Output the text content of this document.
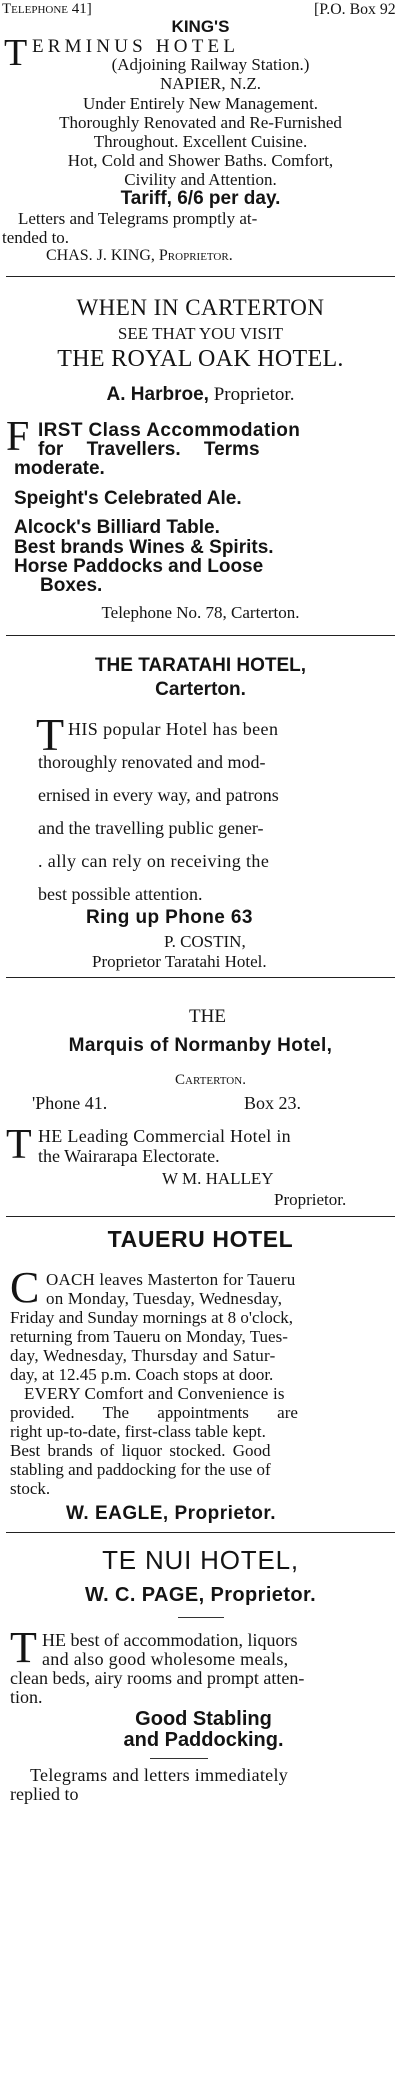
Telephone 41]	[P.O. Box 92
KING'S
T ERMINUS HOTEL
(Adjoining Railway Station.)
NAPIER, N.Z.
Under Entirely New Management.
Thoroughly Renovated and Re-Furnished
Throughout. Excellent Cuisine.
Hot, Cold and Shower Baths. Comfort,
Civility and Attention.
Tariff, 6/6 per day.
Letters and Telegrams promptly at-
tended to.
CHAS. J. KING, Proprietor.
WHEN IN CARTERTON
SEE THAT YOU VISIT
THE ROYAL OAK HOTEL.
A. Harbroe, Proprietor.
F IRST Class Accommodation
for Travellers. Terms
moderate.
Speight's Celebrated Ale.
Alcock's Billiard Table.
Best brands Wines & Spirits.
Horse Paddocks and Loose
Boxes.
Telephone No. 78, Carterton.
THE TARATAHI HOTEL,
Carterton.
T HIS popular Hotel has been
thoroughly renovated and mod-
ernised in every way, and patrons
and the travelling public gener-
. ally can rely on receiving the
best possible attention.
Ring up Phone 63
P. COSTIN,
Proprietor Taratahi Hotel.
THE
Marquis of Normanby Hotel,
Carterton.
'Phone 41.	Box 23.
T HE Leading Commercial Hotel in
the Wairarapa Electorate.
W M. HALLEY
Proprietor.
TAUERU HOTEL
C OACH leaves Masterton for Taueru
on Monday, Tuesday, Wednesday,
Friday and Sunday mornings at 8 o'clock,
returning from Taueru on Monday, Tues-
day, Wednesday, Thursday and Satur-
day, at 12.45 p.m. Coach stops at door.
EVERY Comfort and Convenience is
provided. The appointments are
right up-to-date, first-class table kept.
Best brands of liquor stocked. Good
stabling and paddocking for the use of
stock.
W. EAGLE, Proprietor.
TE NUI HOTEL,
W. C. PAGE, Proprietor.
T HE best of accommodation, liquors
and also good wholesome meals,
clean beds, airy rooms and prompt atten-
tion.
Good Stabling
and Paddocking.
Telegrams and letters immediately
replied to
